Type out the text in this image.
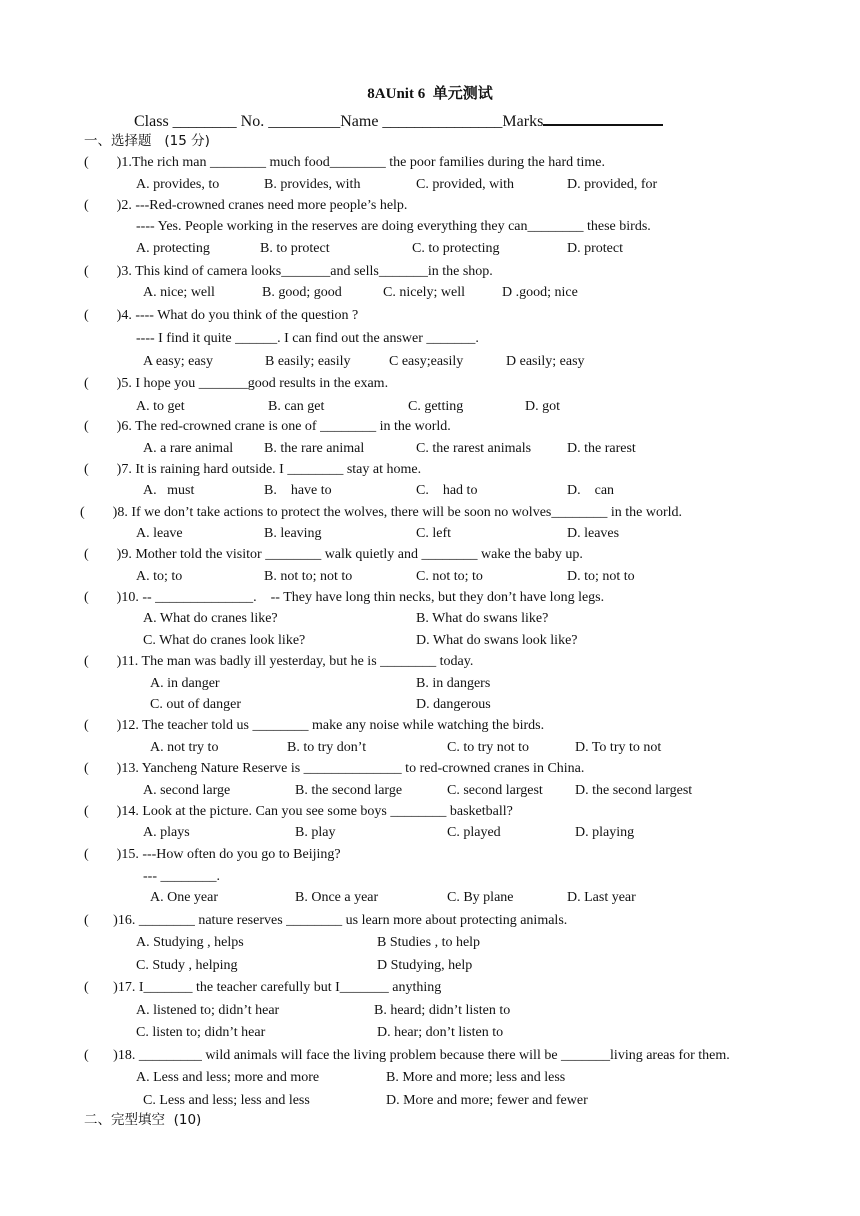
8AUnit 6  单元测试
Class ________ No. _________Name _______________Marks
一、选择题 (15 分)
(        )1.The rich man ________ much food________ the poor families during the hard time.
A. provides, to	B. provides, with	C. provided, with	D. provided, for
(        )2. ---Red-crowned cranes need more people’s help.
---- Yes. People working in the reserves are doing everything they can________ these birds.
A. protecting	B. to protect	C. to protecting	D. protect
(        )3. This kind of camera looks_______and sells_______in the shop.
A. nice; well	B. good; good	C. nicely; well	D .good; nice
(        )4. ---- What do you think of the question ?
---- I find it quite ______. I can find out the answer _______.
A easy; easy	B easily; easily	C easy;easily	D easily; easy
(        )5. I hope you _______good results in the exam.
A. to get	B. can get	C. getting	D. got
(        )6. The red-crowned crane is one of ________ in the world.
A. a rare animal B. the rare animal	C. the rarest animals	D. the rarest
(        )7. It is raining hard outside. I ________ stay at home.
A.   must	B.    have to	C.    had to	D.    can
(        )8. If we don’t take actions to protect the wolves, there will be soon no wolves________ in the world.
A. leave	B. leaving	C. left	D. leaves
(        )9. Mother told the visitor ________ walk quietly and ________ wake the baby up.
A. to; to	B. not to; not to	C. not to; to	D. to; not to
(        )10. -- ______________.    -- They have long thin necks, but they don’t have long legs.
A. What do cranes like?	B. What do swans like?
C. What do cranes look like?	D. What do swans look like?
(        )11. The man was badly ill yesterday, but he is ________ today.
A. in danger	B. in dangers
C. out of danger	D. dangerous
(        )12. The teacher told us ________ make any noise while watching the birds.
A. not try to	B. to try don’t	C. to try not to	D. To try to not
(        )13. Yancheng Nature Reserve is ______________ to red-crowned cranes in China.
A. second large	B. the second large	C. second largest D. the second largest
(        )14. Look at the picture. Can you see some boys ________ basketball?
A. plays	B. play	C. played	D. playing
(        )15. ---How often do you go to Beijing?
--- ________.
A. One year	B. Once a year	C. By plane	D. Last year
(       )16. ________ nature reserves ________ us learn more about protecting animals.
A. Studying , helps	B Studies , to help
C. Study , helping	D Studying, help
(       )17. I_______ the teacher carefully but I_______ anything
A. listened to; didn’t hear	B. heard; didn’t listen to
C. listen to; didn’t hear	D. hear; don’t listen to
(       )18. _________ wild animals will face the living problem because there will be _______living areas for them.
A. Less and less; more and more	B. More and more; less and less
C. Less and less; less and less	D. More and more; fewer and fewer
二、完型填空 (10)
